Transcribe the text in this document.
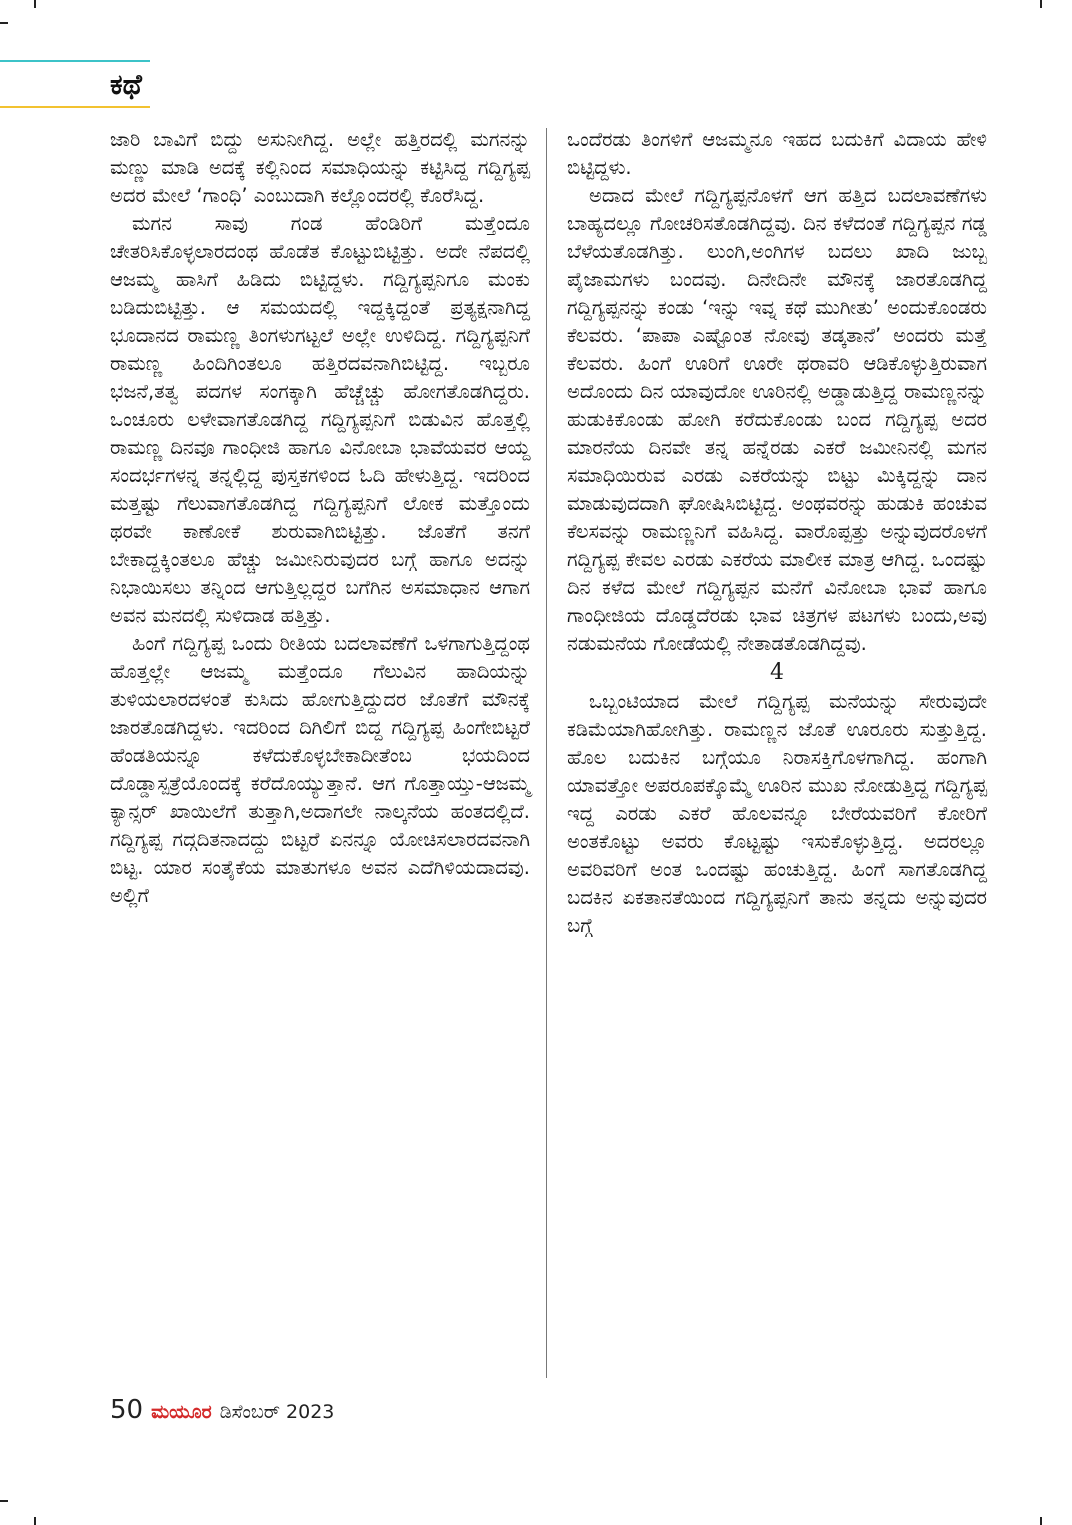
ಕಥೆ

ಜಾರಿ ಬಾವಿಗೆ ಬಿದ್ದು ಅಸುನೀಗಿದ್ದ. ಅಲ್ಲೇ ಹತ್ತಿರದಲ್ಲಿ ಮಗನನ್ನು ಮಣ್ಣು ಮಾಡಿ ಅದಕ್ಕೆ ಕಲ್ಲಿನಿಂದ ಸಮಾಧಿಯನ್ನು ಕಟ್ಟಿಸಿದ್ದ ಗದ್ದಿಗ್ಯಪ್ಪ ಅದರ ಮೇಲೆ ‘ಗಾಂಧಿ’ ಎಂಬುದಾಗಿ ಕಲ್ಲೊಂದರಲ್ಲಿ ಕೊರೆಸಿದ್ದ.

ಮಗನ ಸಾವು ಗಂಡ ಹೆಂಡಿರಿಗೆ ಮತ್ತೆಂದೂ ಚೇತರಿಸಿಕೊಳ್ಳಲಾರದಂಥ ಹೊಡೆತ ಕೊಟ್ಟುಬಿಟ್ಟಿತ್ತು. ಅದೇ ನೆಪದಲ್ಲಿ ಆಜಮ್ಮ ಹಾಸಿಗೆ ಹಿಡಿದು ಬಿಟ್ಟಿದ್ದಳು. ಗದ್ದಿಗ್ಯಪ್ಪನಿಗೂ ಮಂಕು ಬಡಿದುಬಿಟ್ಟಿತ್ತು. ಆ ಸಮಯದಲ್ಲಿ ಇದ್ದಕ್ಕಿದ್ದಂತೆ ಪ್ರತ್ಯಕ್ಷನಾಗಿದ್ದ ಭೂದಾನದ ರಾಮಣ್ಣ ತಿಂಗಳುಗಟ್ಟಲೆ ಅಲ್ಲೇ ಉಳಿದಿದ್ದ. ಗದ್ದಿಗ್ಯಪ್ಪನಿಗೆ ರಾಮಣ್ಣ ಹಿಂದಿಗಿಂತಲೂ ಹತ್ತಿರದವನಾಗಿಬಿಟ್ಟಿದ್ದ. ಇಬ್ಬರೂ ಭಜನೆ,ತತ್ವ ಪದಗಳ ಸಂಗಕ್ಕಾಗಿ ಹೆಚ್ಚೆಚ್ಚು ಹೋಗತೊಡಗಿದ್ದರು. ಒಂಚೂರು ಲಳೇವಾಗತೊಡಗಿದ್ದ ಗದ್ದಿಗ್ಯಪ್ಪನಿಗೆ ಬಿಡುವಿನ ಹೊತ್ತಲ್ಲಿ ರಾಮಣ್ಣ ದಿನವೂ ಗಾಂಧೀಜಿ ಹಾಗೂ ವಿನೋಬಾ ಭಾವೆಯವರ ಆಯ್ದ ಸಂದರ್ಭಗಳನ್ನ ತನ್ನಲ್ಲಿದ್ದ ಪುಸ್ತಕಗಳಿಂದ ಓದಿ ಹೇಳುತ್ತಿದ್ದ. ಇದರಿಂದ ಮತ್ತಷ್ಟು ಗೆಲುವಾಗತೊಡಗಿದ್ದ ಗದ್ದಿಗ್ಯಪ್ಪನಿಗೆ ಲೋಕ ಮತ್ತೊಂದು ಥರವೇ ಕಾಣೋಕೆ ಶುರುವಾಗಿಬಿಟ್ಟಿತ್ತು. ಜೊತೆಗೆ ತನಗೆ ಬೇಕಾದ್ದಕ್ಕಿಂತಲೂ ಹೆಚ್ಚು ಜಮೀನಿರುವುದರ ಬಗ್ಗೆ ಹಾಗೂ ಅದನ್ನು ನಿಭಾಯಿಸಲು ತನ್ನಿಂದ ಆಗುತ್ತಿಲ್ಲದ್ದರ ಬಗೆಗಿನ ಅಸಮಾಧಾನ ಆಗಾಗ ಅವನ ಮನದಲ್ಲಿ ಸುಳಿದಾಡ ಹತ್ತಿತ್ತು.

ಹಿಂಗೆ ಗದ್ದಿಗ್ಯಪ್ಪ ಒಂದು ರೀತಿಯ ಬದಲಾವಣೆಗೆ ಒಳಗಾಗುತ್ತಿದ್ದಂಥ ಹೊತ್ತಲ್ಲೇ ಆಜಮ್ಮ ಮತ್ತೆಂದೂ ಗೆಲುವಿನ ಹಾದಿಯನ್ನು ತುಳಿಯಲಾರದಳಂತೆ ಕುಸಿದು ಹೋಗುತ್ತಿದ್ದುದರ ಜೊತೆಗೆ ಮೌನಕ್ಕೆ ಜಾರತೊಡಗಿದ್ದಳು. ಇದರಿಂದ ದಿಗಿಲಿಗೆ ಬಿದ್ದ ಗದ್ದಿಗ್ಯಪ್ಪ ಹಿಂಗೇಬಿಟ್ಟರೆ ಹೆಂಡತಿಯನ್ನೂ ಕಳೆದುಕೊಳ್ಳಬೇಕಾದೀತೆಂಬ ಭಯದಿಂದ ದೊಡ್ಡಾಸ್ಪತ್ರೆಯೊಂದಕ್ಕೆ ಕರೆದೊಯ್ಯುತ್ತಾನೆ. ಆಗ ಗೊತ್ತಾಯ್ತು-ಆಜಮ್ಮ ಕ್ಯಾನ್ಸರ್ ಖಾಯಿಲೆಗೆ ತುತ್ತಾಗಿ,ಅದಾಗಲೇ ನಾಲ್ಕನೆಯ ಹಂತದಲ್ಲಿದೆ. ಗದ್ದಿಗ್ಯಪ್ಪ ಗದ್ಗದಿತನಾದದ್ದು ಬಿಟ್ಟರೆ ಏನನ್ನೂ ಯೋಚಿಸಲಾರದವನಾಗಿ ಬಿಟ್ಟ. ಯಾರ ಸಂತೈಕೆಯ ಮಾತುಗಳೂ ಅವನ ಎದೆಗಿಳಿಯದಾದವು. ಅಲ್ಲಿಗೆ

ಒಂದೆರಡು ತಿಂಗಳಿಗೆ ಆಜಮ್ಮನೂ ಇಹದ ಬದುಕಿಗೆ ವಿದಾಯ ಹೇಳಿ ಬಿಟ್ಟಿದ್ದಳು.

ಅದಾದ ಮೇಲೆ ಗದ್ದಿಗ್ಯಪ್ಪನೊಳಗೆ ಆಗ ಹತ್ತಿದ ಬದಲಾವಣೆಗಳು ಬಾಹ್ಯದಲ್ಲೂ ಗೋಚರಿಸತೊಡಗಿದ್ದವು. ದಿನ ಕಳೆದಂತೆ ಗದ್ದಿಗ್ಯಪ್ಪನ ಗಡ್ಡ ಬೆಳೆಯತೊಡಗಿತ್ತು. ಲುಂಗಿ,ಅಂಗಿಗಳ ಬದಲು ಖಾದಿ ಜುಬ್ಬ ಪೈಜಾಮಗಳು ಬಂದವು. ದಿನೇದಿನೇ ಮೌನಕ್ಕೆ ಜಾರತೊಡಗಿದ್ದ ಗದ್ದಿಗ್ಯಪ್ಪನನ್ನು ಕಂಡು ‘ಇನ್ನು ಇವ್ನ ಕಥೆ ಮುಗೀತು’ ಅಂದುಕೊಂಡರು ಕೆಲವರು. ‘ಪಾಪಾ ಎಷ್ಟೊಂತ ನೋವು ತಡ್ಕತಾನೆ’ ಅಂದರು ಮತ್ತೆ ಕೆಲವರು. ಹಿಂಗೆ ಊರಿಗೆ ಊರೇ ಥರಾವರಿ ಆಡಿಕೊಳ್ಳುತ್ತಿರುವಾಗ ಅದೊಂದು ದಿನ ಯಾವುದೋ ಊರಿನಲ್ಲಿ ಅಡ್ಡಾಡುತ್ತಿದ್ದ ರಾಮಣ್ಣನನ್ನು ಹುಡುಕಿಕೊಂಡು ಹೋಗಿ ಕರೆದುಕೊಂಡು ಬಂದ ಗದ್ದಿಗ್ಯಪ್ಪ ಅದರ ಮಾರನೆಯ ದಿನವೇ ತನ್ನ ಹನ್ನೆರಡು ಎಕರೆ ಜಮೀನಿನಲ್ಲಿ ಮಗನ ಸಮಾಧಿಯಿರುವ ಎರಡು ಎಕರೆಯನ್ನು ಬಿಟ್ಟು ಮಿಕ್ಕಿದ್ದನ್ನು ದಾನ ಮಾಡುವುದದಾಗಿ ಘೋಷಿಸಿಬಿಟ್ಟಿದ್ದ. ಅಂಥವರನ್ನು ಹುಡುಕಿ ಹಂಚುವ ಕೆಲಸವನ್ನು ರಾಮಣ್ಣನಿಗೆ ವಹಿಸಿದ್ದ. ವಾರೊಪ್ಪತ್ತು ಅನ್ನುವುದರೊಳಗೆ ಗದ್ದಿಗ್ಯಪ್ಪ ಕೇವಲ ಎರಡು ಎಕರೆಯ ಮಾಲೀಕ ಮಾತ್ರ ಆಗಿದ್ದ. ಒಂದಷ್ಟು ದಿನ ಕಳೆದ ಮೇಲೆ ಗದ್ದಿಗ್ಯಪ್ಪನ ಮನೆಗೆ ವಿನೋಬಾ ಭಾವೆ ಹಾಗೂ ಗಾಂಧೀಜಿಯ ದೊಡ್ಡದೆರಡು ಭಾವ ಚಿತ್ರಗಳ ಪಟಗಳು ಬಂದು,ಅವು ನಡುಮನೆಯ ಗೋಡೆಯಲ್ಲಿ ನೇತಾಡತೊಡಗಿದ್ದವು.

4

ಒಬ್ಬಂಟಿಯಾದ ಮೇಲೆ ಗದ್ದಿಗ್ಯಪ್ಪ ಮನೆಯನ್ನು ಸೇರುವುದೇ ಕಡಿಮೆಯಾಗಿಹೋಗಿತ್ತು. ರಾಮಣ್ಣನ ಜೊತೆ ಊರೂರು ಸುತ್ತುತ್ತಿದ್ದ. ಹೊಲ ಬದುಕಿನ ಬಗ್ಗೆಯೂ ನಿರಾಸಕ್ತಿಗೊಳಗಾಗಿದ್ದ. ಹಂಗಾಗಿ ಯಾವತ್ತೋ ಅಪರೂಪಕ್ಕೊಮ್ಮೆ ಊರಿನ ಮುಖ ನೋಡುತ್ತಿದ್ದ ಗದ್ದಿಗ್ಯಪ್ಪ ಇದ್ದ ಎರಡು ಎಕರೆ ಹೊಲವನ್ನೂ ಬೇರೆಯವರಿಗೆ ಕೋರಿಗೆ ಅಂತಕೊಟ್ಟು ಅವರು ಕೊಟ್ಟಷ್ಟು ಇಸುಕೊಳ್ಳುತ್ತಿದ್ದ. ಅದರಲ್ಲೂ ಅವರಿವರಿಗೆ ಅಂತ ಒಂದಷ್ಟು ಹಂಚುತ್ತಿದ್ದ. ಹಿಂಗೆ ಸಾಗತೊಡಗಿದ್ದ ಬದಕಿನ ಏಕತಾನತೆಯಿಂದ ಗದ್ದಿಗ್ಯಪ್ಪನಿಗೆ ತಾನು ತನ್ನದು ಅನ್ನುವುದರ ಬಗ್ಗೆ

50 ಮಯೂರ ಡಿಸೆಂಬರ್ 2023
